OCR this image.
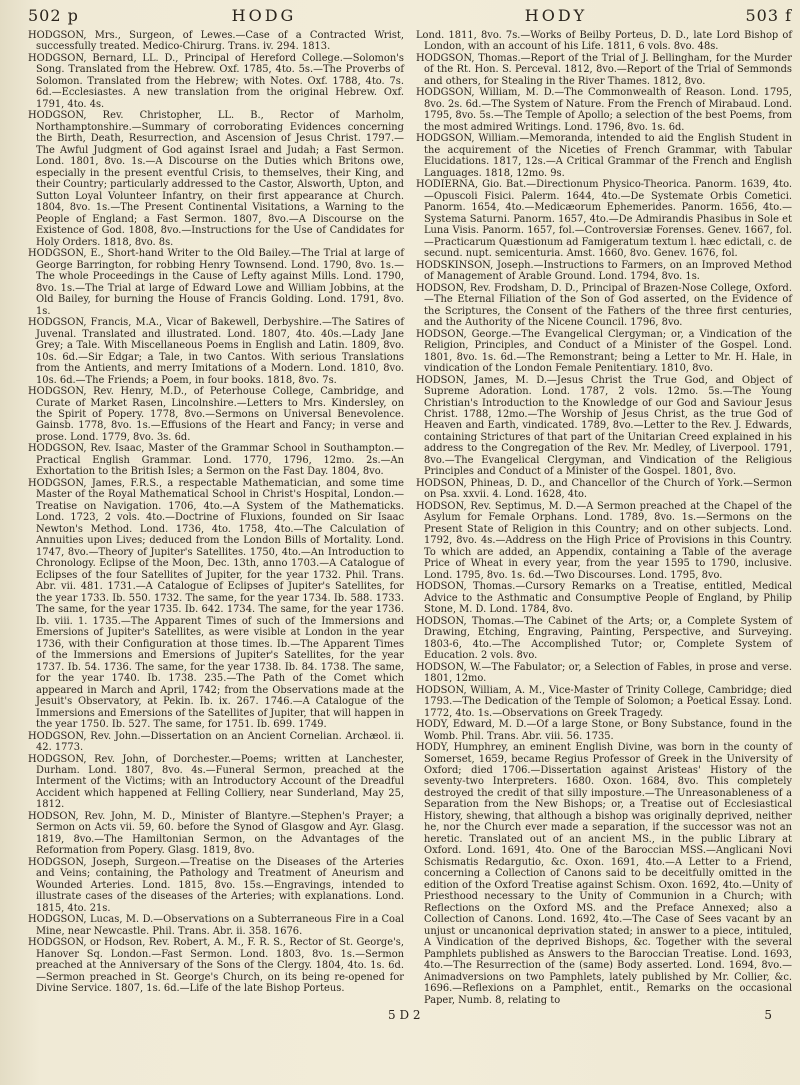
502 p	HODG	HODY	503 f

HODGSON, Mrs., Surgeon, of Lewes.—Case of a Contracted Wrist, successfully treated. Medico-Chirurg. Trans. iv. 294. 1813.

HODGSON, Bernard, LL. D., Principal of Hereford College.—Solomon's Song. Translated from the Hebrew. Oxf. 1785, 4to. 5s.—The Proverbs of Solomon. Translated from the Hebrew; with Notes. Oxf. 1788, 4to. 7s. 6d.—Ecclesiastes. A new translation from the original Hebrew. Oxf. 1791, 4to. 4s.

HODGSON, Rev. Christopher, LL. B., Rector of Marholm, Northamptonshire.—Summary of corroborating Evidences concerning the Birth, Death, Resurrection, and Ascension of Jesus Christ. 1797.—The Awful Judgment of God against Israel and Judah; a Fast Sermon. Lond. 1801, 8vo. 1s.—A Discourse on the Duties which Britons owe, especially in the present eventful Crisis, to themselves, their King, and their Country; particularly addressed to the Castor, Alsworth, Upton, and Sutton Loyal Volunteer Infantry, on their first appearance at Church. 1804, 8vo. 1s.—The Present Continental Visitations, a Warning to the People of England; a Fast Sermon. 1807, 8vo.—A Discourse on the Existence of God. 1808, 8vo.—Instructions for the Use of Candidates for Holy Orders. 1818, 8vo. 8s.

HODGSON, E., Short-hand Writer to the Old Bailey.—The Trial at large of George Barrington, for robbing Henry Townsend. Lond. 1790, 8vo. 1s.—The whole Proceedings in the Cause of Lefty against Mills. Lond. 1790, 8vo. 1s.—The Trial at large of Edward Lowe and William Jobbins, at the Old Bailey, for burning the House of Francis Golding. Lond. 1791, 8vo. 1s.

HODGSON, Francis, M.A., Vicar of Bakewell, Derbyshire.—The Satires of Juvenal. Translated and illustrated. Lond. 1807, 4to. 40s.—Lady Jane Grey; a Tale. With Miscellaneous Poems in English and Latin. 1809, 8vo. 10s. 6d.—Sir Edgar; a Tale, in two Cantos. With serious Translations from the Antients, and merry Imitations of a Modern. Lond. 1810, 8vo. 10s. 6d.—The Friends; a Poem, in four books. 1818, 8vo. 7s.

HODGSON, Rev. Henry, M.D., of Peterhouse College, Cambridge, and Curate of Market Rasen, Lincolnshire.—Letters to Mrs. Kindersley, on the Spirit of Popery. 1778, 8vo.—Sermons on Universal Benevolence. Gainsb. 1778, 8vo. 1s.—Effusions of the Heart and Fancy; in verse and prose. Lond. 1779, 8vo. 3s. 6d.

HODGSON, Rev. Isaac, Master of the Grammar School in Southampton.—Practical English Grammar. Lond. 1770, 1796, 12mo. 2s.—An Exhortation to the British Isles; a Sermon on the Fast Day. 1804, 8vo.

HODGSON, James, F.R.S., a respectable Mathematician, and some time Master of the Royal Mathematical School in Christ's Hospital, London.—Treatise on Navigation. 1706, 4to.—A System of the Mathematicks. Lond. 1723, 2 vols. 4to.—Doctrine of Fluxions, founded on Sir Isaac Newton's Method. Lond. 1736, 4to. 1758, 4to.—The Calculation of Annuities upon Lives; deduced from the London Bills of Mortality. Lond. 1747, 8vo.—Theory of Jupiter's Satellites. 1750, 4to.—An Introduction to Chronology. Eclipse of the Moon, Dec. 13th, anno 1703.—A Catalogue of Eclipses of the four Satellites of Jupiter, for the year 1732. Phil. Trans. Abr. vii. 481. 1731.—A Catalogue of Eclipses of Jupiter's Satellites, for the year 1733. Ib. 550. 1732. The same, for the year 1734. Ib. 588. 1733. The same, for the year 1735. Ib. 642. 1734. The same, for the year 1736. Ib. viii. 1. 1735.—The Apparent Times of such of the Immersions and Emersions of Jupiter's Satellites, as were visible at London in the year 1736, with their Configuration at those times. Ib.—The Apparent Times of the Immersions and Emersions of Jupiter's Satellites, for the year 1737. Ib. 54. 1736. The same, for the year 1738. Ib. 84. 1738. The same, for the year 1740. Ib. 1738. 235.—The Path of the Comet which appeared in March and April, 1742; from the Observations made at the Jesuit's Observatory, at Pekin. Ib. ix. 267. 1746.—A Catalogue of the Immersions and Emersions of the Satellites of Jupiter, that will happen in the year 1750. Ib. 527. The same, for 1751. Ib. 699. 1749.

HODGSON, Rev. John.—Dissertation on an Ancient Cornelian. Archæol. ii. 42. 1773.

HODGSON, Rev. John, of Dorchester.—Poems; written at Lanchester, Durham. Lond. 1807, 8vo. 4s.—Funeral Sermon, preached at the Interment of the Victims; with an Introductory Account of the Dreadful Accident which happened at Felling Colliery, near Sunderland, May 25, 1812.

HODSON, Rev. John, M. D., Minister of Blantyre.—Stephen's Prayer; a Sermon on Acts vii. 59, 60. before the Synod of Glasgow and Ayr. Glasg. 1819, 8vo.—The Hamiltonian Sermon, on the Advantages of the Reformation from Popery. Glasg. 1819, 8vo.

HODGSON, Joseph, Surgeon.—Treatise on the Diseases of the Arteries and Veins; containing, the Pathology and Treatment of Aneurism and Wounded Arteries. Lond. 1815, 8vo. 15s.—Engravings, intended to illustrate cases of the diseases of the Arteries; with explanations. Lond. 1815, 4to. 21s.

HODGSON, Lucas, M. D.—Observations on a Subterraneous Fire in a Coal Mine, near Newcastle. Phil. Trans. Abr. ii. 358. 1676.

HODGSON, or Hodson, Rev. Robert, A. M., F. R. S., Rector of St. George's, Hanover Sq. London.—Fast Sermon. Lond. 1803, 8vo. 1s.—Sermon preached at the Anniversary of the Sons of the Clergy. 1804, 4to. 1s. 6d.—Sermon preached in St. George's Church, on its being re-opened for Divine Service. 1807, 1s. 6d.—Life of the late Bishop Porteus.

Lond. 1811, 8vo. 7s.—Works of Beilby Porteus, D. D., late Lord Bishop of London, with an account of his Life. 1811, 6 vols. 8vo. 48s.

HODGSON, Thomas.—Report of the Trial of J. Bellingham, for the Murder of the Rt. Hon. S. Perceval. 1812, 8vo.—Report of the Trial of Semmonds and others, for Stealing in the River Thames. 1812, 8vo.

HODGSON, William, M. D.—The Commonwealth of Reason. Lond. 1795, 8vo. 2s. 6d.—The System of Nature. From the French of Mirabaud. Lond. 1795, 8vo. 5s.—The Temple of Apollo; a selection of the best Poems, from the most admired Writings. Lond. 1796, 8vo. 1s. 6d.

HODGSON, William.—Memoranda, intended to aid the English Student in the acquirement of the Niceties of French Grammar, with Tabular Elucidations. 1817, 12s.—A Critical Grammar of the French and English Languages. 1818, 12mo. 9s.

HODIERNA, Gio. Bat.—Directionum Physico-Theorica. Panorm. 1639, 4to.—Opuscoli Fisici. Palerm. 1644, 4to.—De Systemate Orbis Cometici. Panorm. 1654, 4to.—Medicæorum Ephemerides. Panorm. 1656, 4to.—Systema Saturni. Panorm. 1657, 4to.—De Admirandis Phasibus in Sole et Luna Visis. Panorm. 1657, fol.—Controversiæ Forenses. Genev. 1667, fol.—Practicarum Quæstionum ad Famigeratum textum l. hæc edictali, c. de secund. nupt. semicenturia. Amst. 1660, 8vo. Genev. 1676, fol.

HODSKINSON, Joseph.—Instructions to Farmers, on an Improved Method of Management of Arable Ground. Lond. 1794, 8vo. 1s.

HODSON, Rev. Frodsham, D. D., Principal of Brazen-Nose College, Oxford.—The Eternal Filiation of the Son of God asserted, on the Evidence of the Scriptures, the Consent of the Fathers of the three first centuries, and the Authority of the Nicene Council. 1796, 8vo.

HODSON, George.—The Evangelical Clergyman; or, a Vindication of the Religion, Principles, and Conduct of a Minister of the Gospel. Lond. 1801, 8vo. 1s. 6d.—The Remonstrant; being a Letter to Mr. H. Hale, in vindication of the London Female Penitentiary. 1810, 8vo.

HODSON, James, M. D.—Jesus Christ the True God, and Object of Supreme Adoration. Lond. 1787, 2 vols. 12mo. 5s.—The Young Christian's Introduction to the Knowledge of our God and Saviour Jesus Christ. 1788, 12mo.—The Worship of Jesus Christ, as the true God of Heaven and Earth, vindicated. 1789, 8vo.—Letter to the Rev. J. Edwards, containing Strictures of that part of the Unitarian Creed explained in his address to the Congregation of the Rev. Mr. Medley, of Liverpool. 1791, 8vo.—The Evangelical Clergyman, and Vindication of the Religious Principles and Conduct of a Minister of the Gospel. 1801, 8vo.

HODSON, Phineas, D. D., and Chancellor of the Church of York.—Sermon on Psa. xxvii. 4. Lond. 1628, 4to.

HODSON, Rev. Septimus, M. D.—A Sermon preached at the Chapel of the Asylum for Female Orphans. Lond. 1789, 8vo. 1s.—Sermons on the Present State of Religion in this Country; and on other subjects. Lond. 1792, 8vo. 4s.—Address on the High Price of Provisions in this Country. To which are added, an Appendix, containing a Table of the average Price of Wheat in every year, from the year 1595 to 1790, inclusive. Lond. 1795, 8vo. 1s. 6d.—Two Discourses. Lond. 1795, 8vo.

HODSON, Thomas.—Cursory Remarks on a Treatise, entitled, Medical Advice to the Asthmatic and Consumptive People of England, by Philip Stone, M. D. Lond. 1784, 8vo.

HODSON, Thomas.—The Cabinet of the Arts; or, a Complete System of Drawing, Etching, Engraving, Painting, Perspective, and Surveying. 1803-6, 4to.—The Accomplished Tutor; or, Complete System of Education. 2 vols. 8vo.

HODSON, W.—The Fabulator; or, a Selection of Fables, in prose and verse. 1801, 12mo.

HODSON, William, A. M., Vice-Master of Trinity College, Cambridge; died 1793.—The Dedication of the Temple of Solomon; a Poetical Essay. Lond. 1772, 4to. 1s.—Observations on Greek Tragedy.

HODY, Edward, M. D.—Of a large Stone, or Bony Substance, found in the Womb. Phil. Trans. Abr. viii. 56. 1735.

HODY, Humphrey, an eminent English Divine, was born in the county of Somerset, 1659, became Regius Professor of Greek in the University of Oxford; died 1706.—Dissertation against Aristeas' History of the seventy-two Interpreters. 1680. Oxon. 1684, 8vo. This completely destroyed the credit of that silly imposture.—The Unreasonableness of a Separation from the New Bishops; or, a Treatise out of Ecclesiastical History, shewing, that although a bishop was originally deprived, neither he, nor the Church ever made a separation, if the successor was not an heretic. Translated out of an ancient MS., in the public Library at Oxford. Lond. 1691, 4to. One of the Baroccian MSS.—Anglicani Novi Schismatis Redargutio, &c. Oxon. 1691, 4to.—A Letter to a Friend, concerning a Collection of Canons said to be deceitfully omitted in the edition of the Oxford Treatise against Schism. Oxon. 1692, 4to.—Unity of Priesthood necessary to the Unity of Communion in a Church; with Reflections on the Oxford MS. and the Preface Annexed; also a Collection of Canons. Lond. 1692, 4to.—The Case of Sees vacant by an unjust or uncanonical deprivation stated; in answer to a piece, intituled, A Vindication of the deprived Bishops, &c. Together with the several Pamphlets published as Answers to the Baroccian Treatise. Lond. 1693, 4to.—The Resurrection of the (same) Body asserted. Lond. 1694, 8vo.—Animadversions on two Pamphlets, lately published by Mr. Collier, &c. 1696.—Reflexions on a Pamphlet, entit., Remarks on the occasional Paper, Numb. 8, relating to

5 D 2	5
